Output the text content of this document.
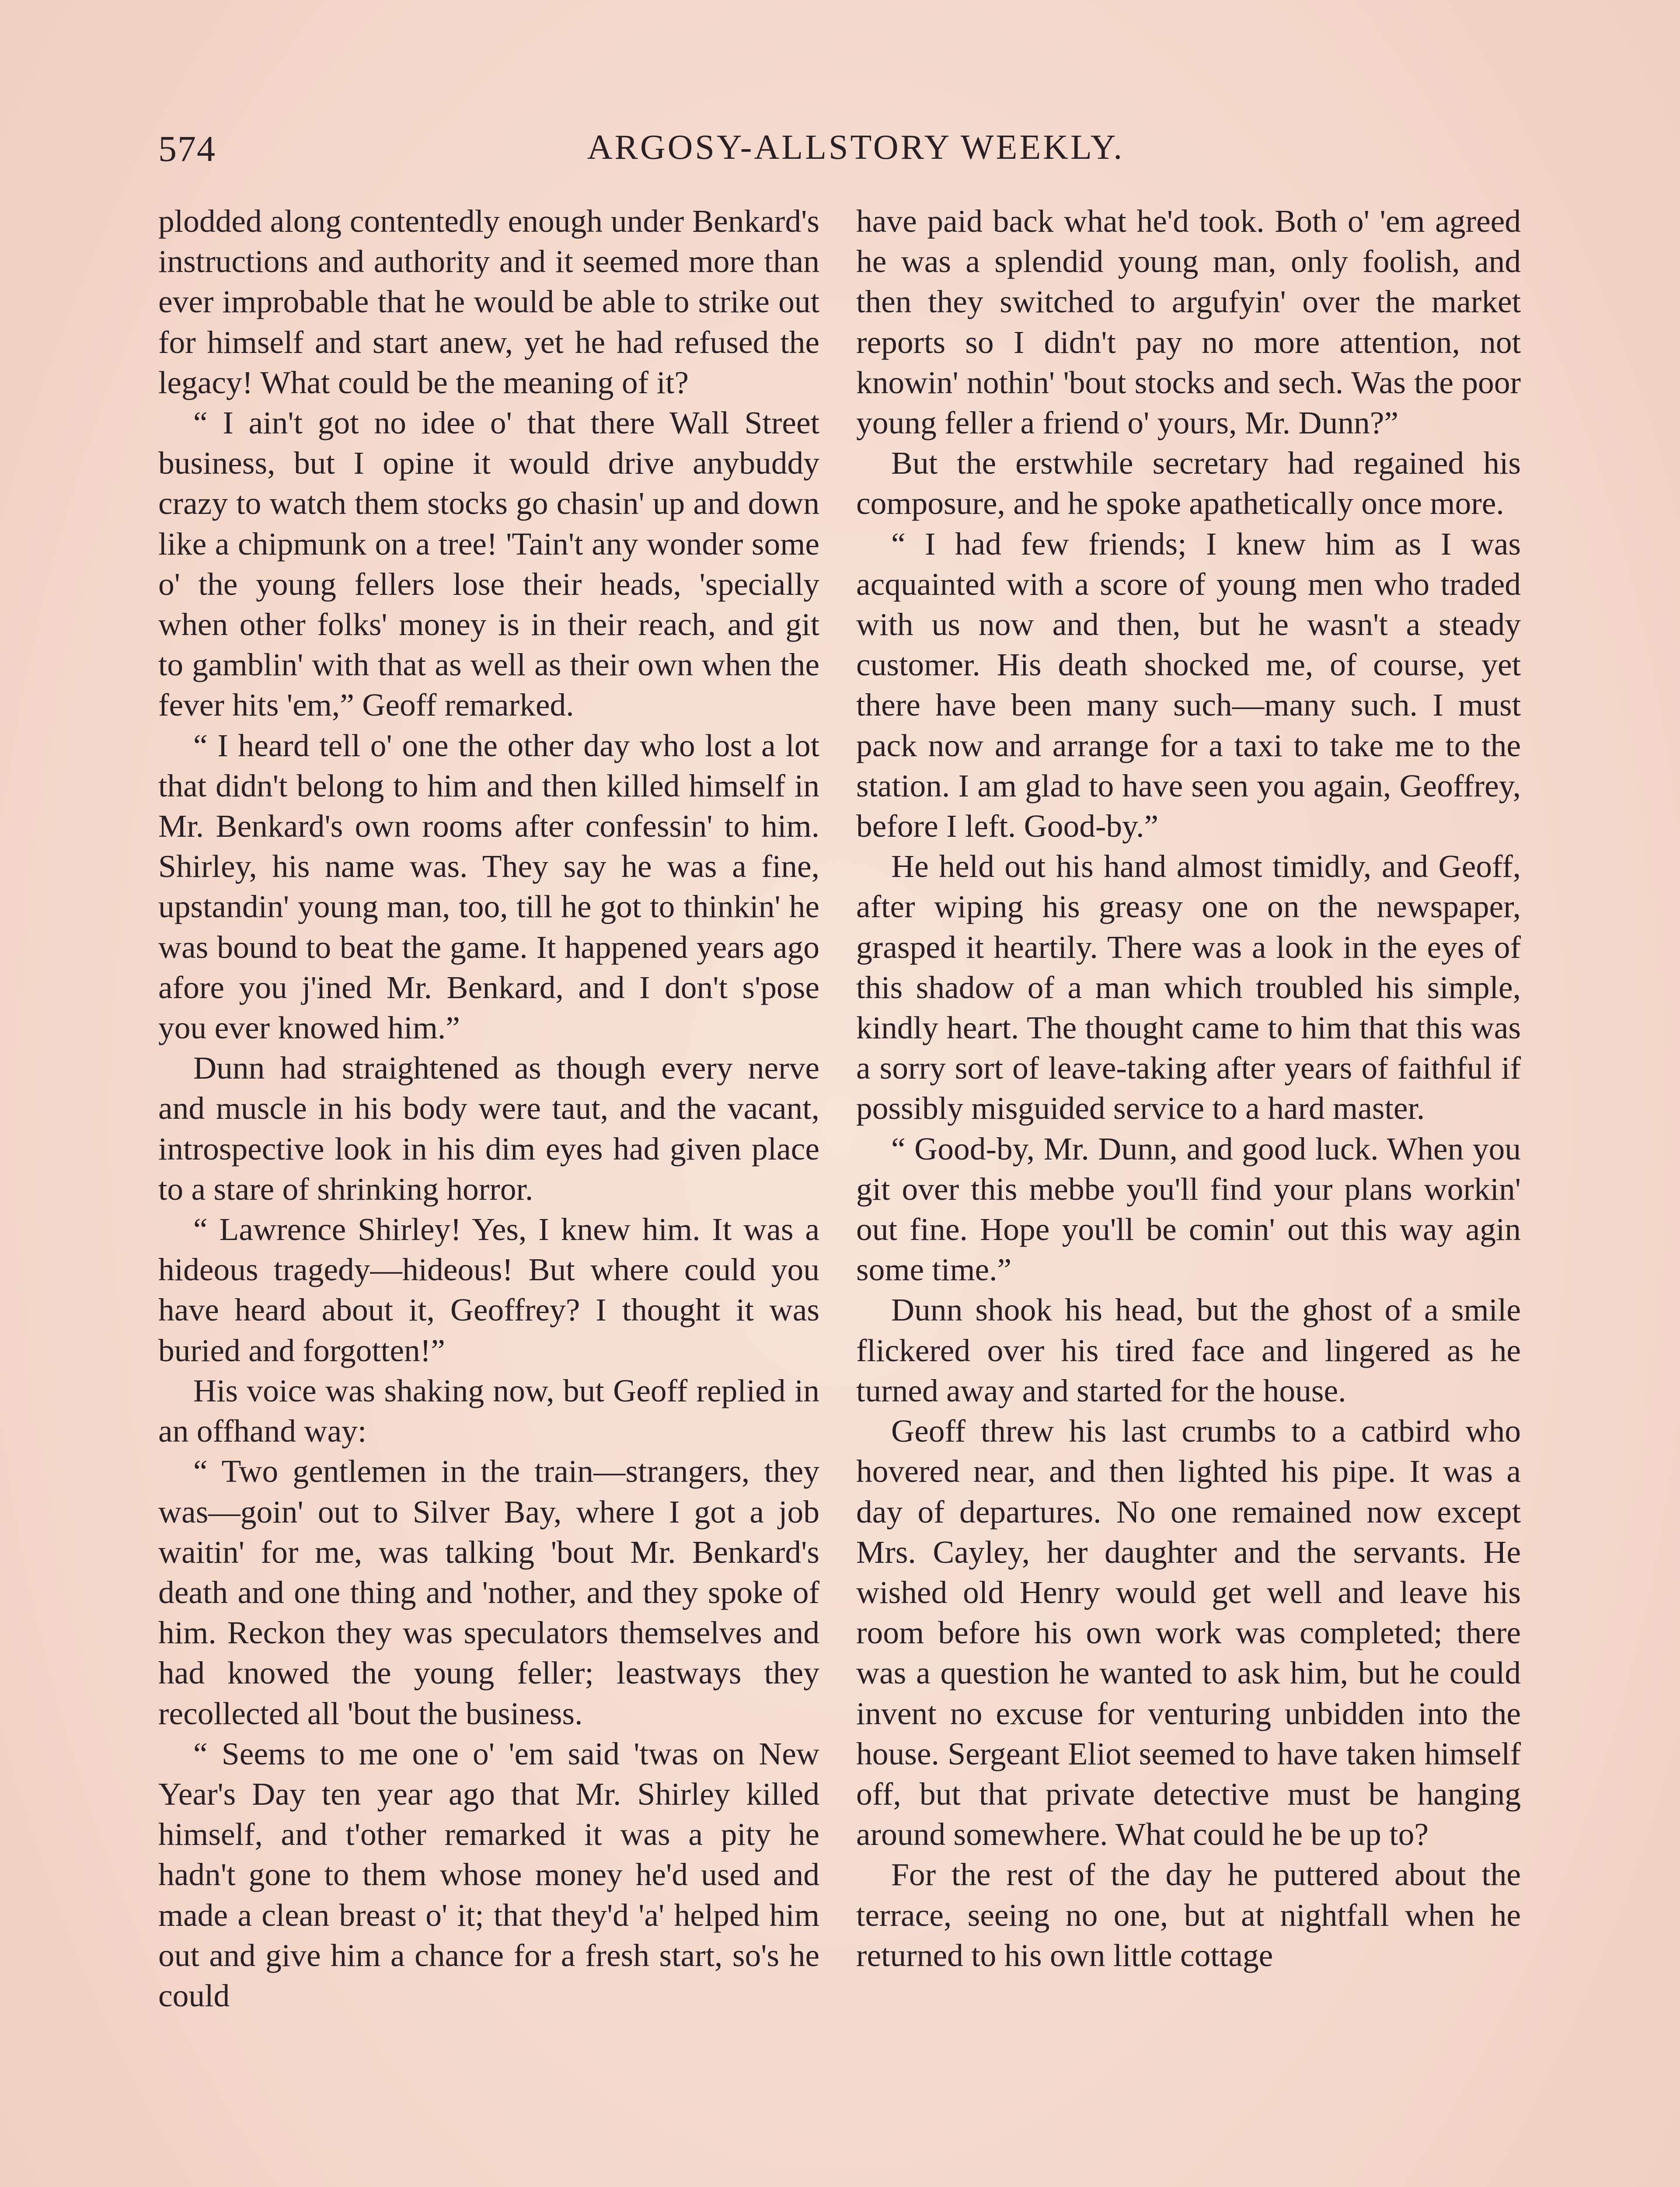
574	ARGOSY-ALLSTORY WEEKLY.

plodded along contentedly enough under Benkard's instructions and authority and it seemed more than ever improbable that he would be able to strike out for himself and start anew, yet he had refused the legacy! What could be the meaning of it?

“ I ain't got no idee o' that there Wall Street business, but I opine it would drive anybuddy crazy to watch them stocks go chasin' up and down like a chipmunk on a tree! 'Tain't any wonder some o' the young fellers lose their heads, 'specially when other folks' money is in their reach, and git to gamblin' with that as well as their own when the fever hits 'em,” Geoff remarked.

“ I heard tell o' one the other day who lost a lot that didn't belong to him and then killed himself in Mr. Benkard's own rooms after confessin' to him. Shirley, his name was. They say he was a fine, upstandin' young man, too, till he got to thinkin' he was bound to beat the game. It happened years ago afore you j'ined Mr. Benkard, and I don't s'pose you ever knowed him.”

Dunn had straightened as though every nerve and muscle in his body were taut, and the vacant, introspective look in his dim eyes had given place to a stare of shrinking horror.

“ Lawrence Shirley! Yes, I knew him. It was a hideous tragedy—hideous! But where could you have heard about it, Geoffrey? I thought it was buried and forgotten!”

His voice was shaking now, but Geoff replied in an offhand way:

“ Two gentlemen in the train—strangers, they was—goin' out to Silver Bay, where I got a job waitin' for me, was talking 'bout Mr. Benkard's death and one thing and 'nother, and they spoke of him. Reckon they was speculators themselves and had knowed the young feller; leastways they recollected all 'bout the business.

“ Seems to me one o' 'em said 'twas on New Year's Day ten year ago that Mr. Shirley killed himself, and t'other remarked it was a pity he hadn't gone to them whose money he'd used and made a clean breast o' it; that they'd 'a' helped him out and give him a chance for a fresh start, so's he could

have paid back what he'd took. Both o' 'em agreed he was a splendid young man, only foolish, and then they switched to argufyin' over the market reports so I didn't pay no more attention, not knowin' nothin' 'bout stocks and sech. Was the poor young feller a friend o' yours, Mr. Dunn?”

But the erstwhile secretary had regained his composure, and he spoke apathetically once more.

“ I had few friends; I knew him as I was acquainted with a score of young men who traded with us now and then, but he wasn't a steady customer. His death shocked me, of course, yet there have been many such—many such. I must pack now and arrange for a taxi to take me to the station. I am glad to have seen you again, Geoffrey, before I left. Good-by.”

He held out his hand almost timidly, and Geoff, after wiping his greasy one on the newspaper, grasped it heartily. There was a look in the eyes of this shadow of a man which troubled his simple, kindly heart. The thought came to him that this was a sorry sort of leave-taking after years of faithful if possibly misguided service to a hard master.

“ Good-by, Mr. Dunn, and good luck. When you git over this mebbe you'll find your plans workin' out fine. Hope you'll be comin' out this way agin some time.”

Dunn shook his head, but the ghost of a smile flickered over his tired face and lingered as he turned away and started for the house.

Geoff threw his last crumbs to a catbird who hovered near, and then lighted his pipe. It was a day of departures. No one remained now except Mrs. Cayley, her daughter and the servants. He wished old Henry would get well and leave his room before his own work was completed; there was a question he wanted to ask him, but he could invent no excuse for venturing unbidden into the house. Sergeant Eliot seemed to have taken himself off, but that private detective must be hanging around somewhere. What could he be up to?

For the rest of the day he puttered about the terrace, seeing no one, but at nightfall when he returned to his own little cottage
